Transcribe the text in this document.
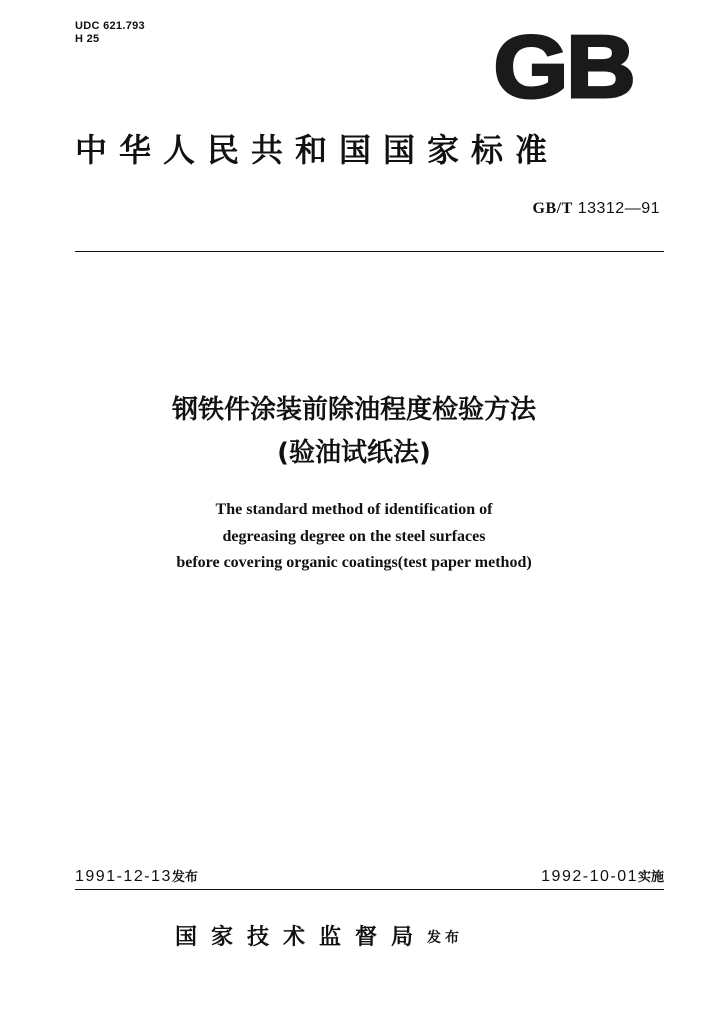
UDC 621.793
H 25	GB
中华人民共和国国家标准
GB/T 13312—91
钢铁件涂装前除油程度检验方法
(验油试纸法)
The standard method of identification of
degreasing degree on the steel surfaces
before covering organic coatings(test paper method)
1991-12-13发布	1992-10-01实施
国家技术监督局发布
